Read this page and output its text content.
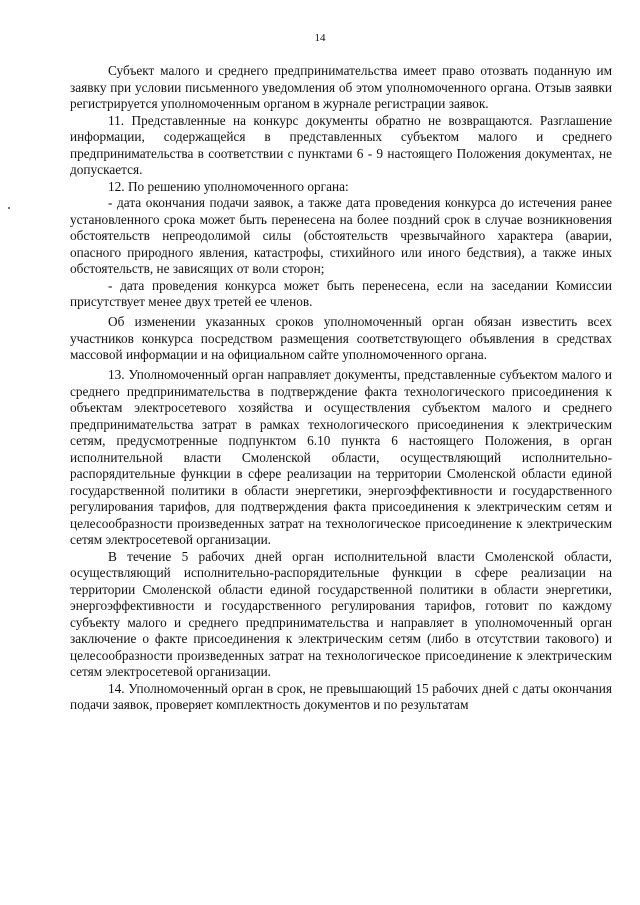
14

Субъект малого и среднего предпринимательства имеет право отозвать поданную им заявку при условии письменного уведомления об этом уполномоченного органа. Отзыв заявки регистрируется уполномоченным органом в журнале регистрации заявок.

11. Представленные на конкурс документы обратно не возвращаются. Разглашение информации, содержащейся в представленных субъектом малого и среднего предпринимательства в соответствии с пунктами 6 - 9 настоящего Положения документах, не допускается.

12. По решению уполномоченного органа:

- дата окончания подачи заявок, а также дата проведения конкурса до истечения ранее установленного срока может быть перенесена на более поздний срок в случае возникновения обстоятельств непреодолимой силы (обстоятельств чрезвычайного характера (аварии, опасного природного явления, катастрофы, стихийного или иного бедствия), а также иных обстоятельств, не зависящих от воли сторон;

- дата проведения конкурса может быть перенесена, если на заседании Комиссии присутствует менее двух третей ее членов.

Об изменении указанных сроков уполномоченный орган обязан известить всех участников конкурса посредством размещения соответствующего объявления в средствах массовой информации и на официальном сайте уполномоченного органа.

13. Уполномоченный орган направляет документы, представленные субъектом малого и среднего предпринимательства в подтверждение факта технологического присоединения к объектам электросетевого хозяйства и осуществления субъектом малого и среднего предпринимательства затрат в рамках технологического присоединения к электрическим сетям, предусмотренные подпунктом 6.10 пункта 6 настоящего Положения, в орган исполнительной власти Смоленской области, осуществляющий исполнительно-распорядительные функции в сфере реализации на территории Смоленской области единой государственной политики в области энергетики, энергоэффективности и государственного регулирования тарифов, для подтверждения факта присоединения к электрическим сетям и целесообразности произведенных затрат на технологическое присоединение к электрическим сетям электросетевой организации.

В течение 5 рабочих дней орган исполнительной власти Смоленской области, осуществляющий исполнительно-распорядительные функции в сфере реализации на территории Смоленской области единой государственной политики в области энергетики, энергоэффективности и государственного регулирования тарифов, готовит по каждому субъекту малого и среднего предпринимательства и направляет в уполномоченный орган заключение о факте присоединения к электрическим сетям (либо в отсутствии такового) и целесообразности произведенных затрат на технологическое присоединение к электрическим сетям электросетевой организации.

14. Уполномоченный орган в срок, не превышающий 15 рабочих дней с даты окончания подачи заявок, проверяет комплектность документов и по результатам
